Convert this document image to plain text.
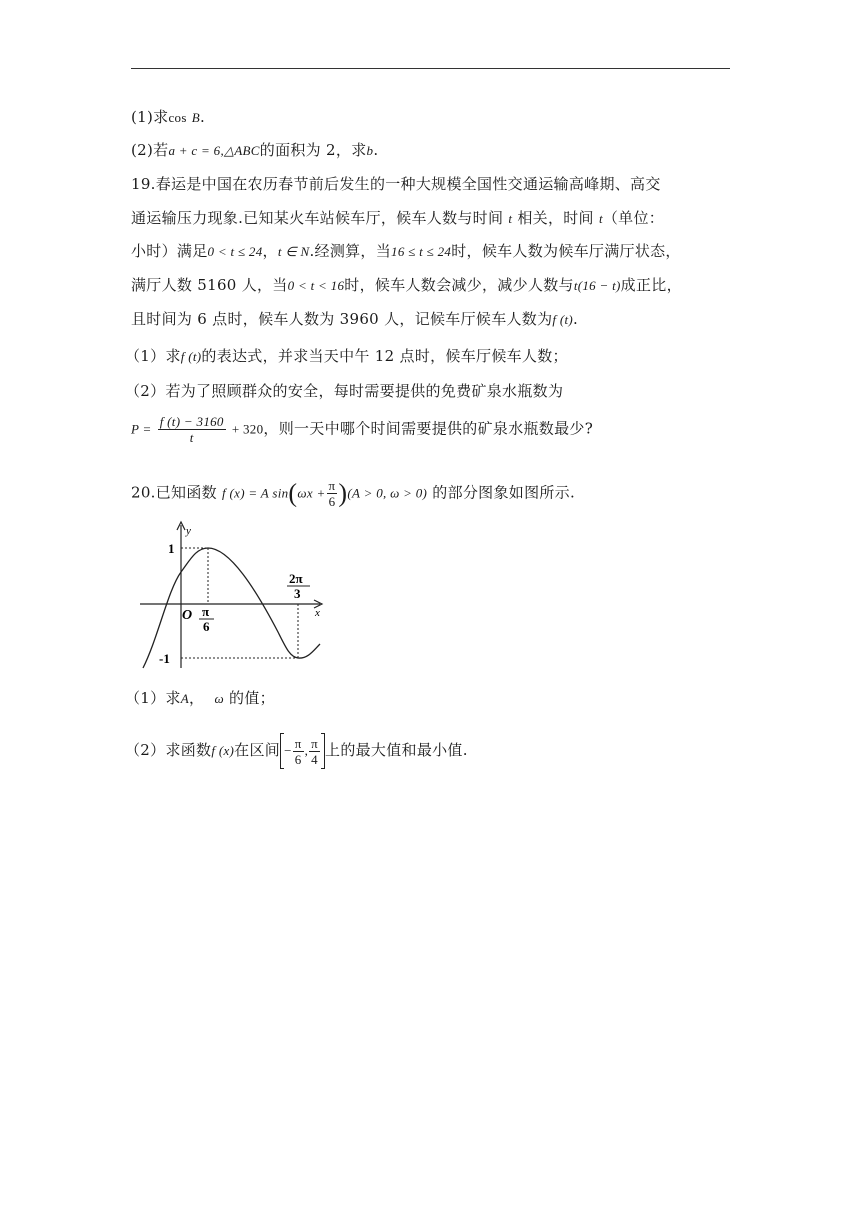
(1)求cos B.
(2)若a + c = 6,△ABC的面积为 2，求b.
19.春运是中国在农历春节前后发生的一种大规模全国性交通运输高峰期、高交
通运输压力现象.已知某火车站候车厅，候车人数与时间 t 相关，时间 t（单位：
小时）满足0 < t ≤ 24，t ∈ N.经测算，当16 ≤ t ≤ 24时，候车人数为候车厅满厅状态，
满厅人数 5160 人，当0 < t < 16时，候车人数会减少，减少人数与t(16 − t)成正比，
且时间为 6 点时，候车人数为 3960 人，记候车厅候车人数为f (t).
（1）求f (t)的表达式，并求当天中午 12 点时，候车厅候车人数；
（2）若为了照顾群众的安全，每时需要提供的免费矿泉水瓶数为
$P = \frac{f (t) - 3160}{t} + 320$，则一天中哪个时间需要提供的矿泉水瓶数最少?
20.已知函数 f (x) = A $\sin(\omega x + \frac{\pi}{6} )(A > 0$, ω > 0) 的部分图象如图所示.
y
x
O
1
-1
π
6
2π
3
（1）求A， ω 的值；
（2）求函数f (x)在区间 − $\frac{\pi}{6}$ , $\frac{\pi}{4}$ 上的最大值和最小值.
